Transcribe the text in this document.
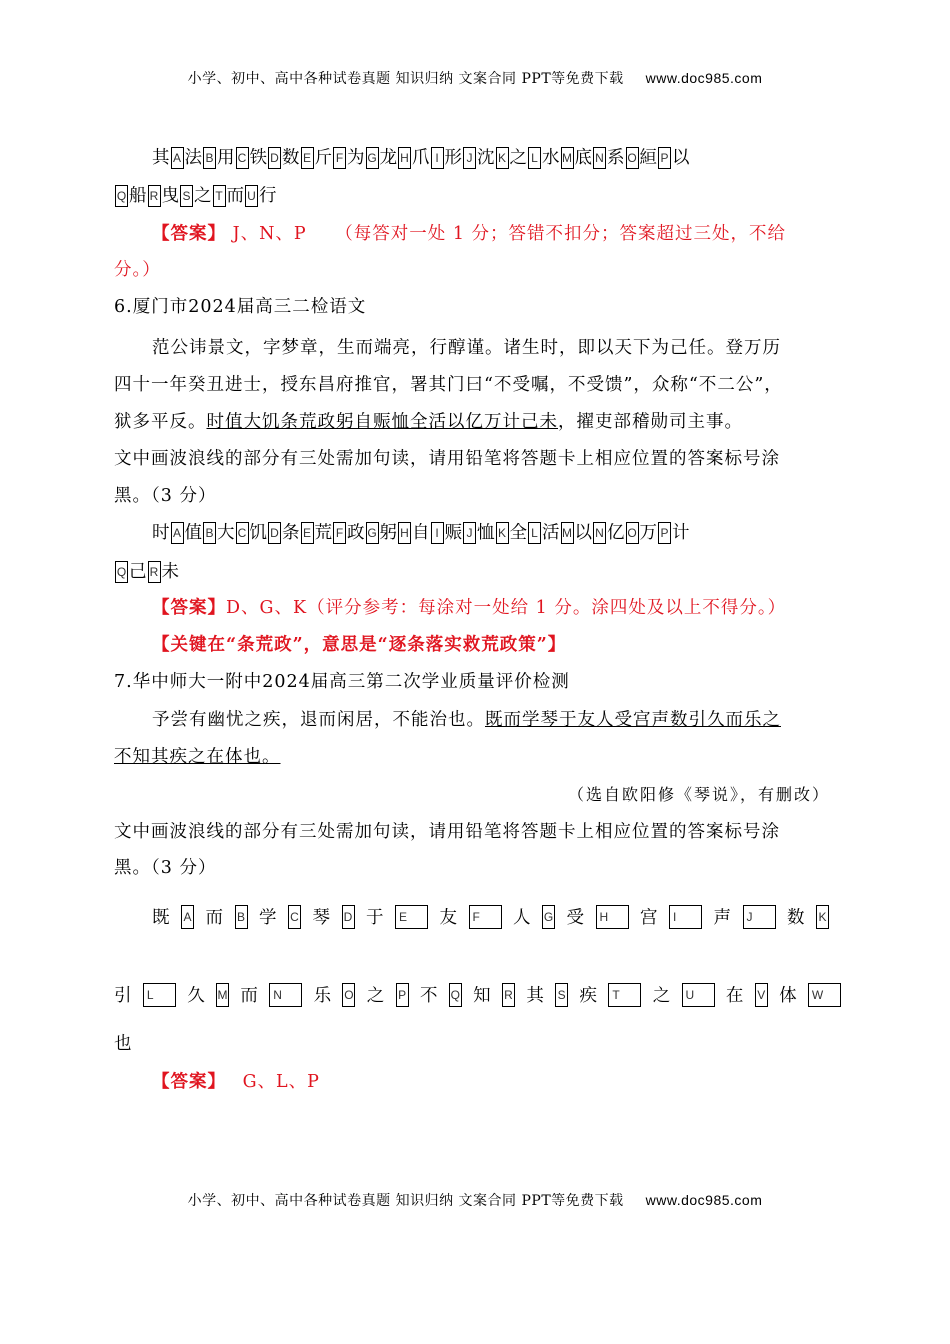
小学、初中、高中各种试卷真题 知识归纳 文案合同 PPT等免费下载 www.doc985.com
其 A 法 B 用 C 铁 D 数 E 斤 F 为 G 龙 H 爪 I 形 J 沈 K 之 L 水 M 底 N 系 O 絙 P 以
Q 船 R 曳 S 之 T 而 U 行
【答案】 J、N、P （每答对一处 1 分；答错不扣分；答案超过三处，不给
分。）
6.厦门市2024届高三二检语文
范公讳景文，字梦章，生而端亮，行醇谨。诸生时，即以天下为己任。登万历
四十一年癸丑进士，授东昌府推官，署其门曰“不受嘱，不受馈”，众称“不二公”，
狱多平反。时值大饥条荒政躬自赈恤全活以亿万计己未，擢吏部稽勋司主事。
文中画波浪线的部分有三处需加句读，请用铅笔将答题卡上相应位置的答案标号涂
黑。（3 分）
时 A 值 B 大 C 饥 D 条 E 荒 F 政 G 躬 H 自 I 赈 J 恤 K 全 L 活 M 以 N 亿 O 万 P 计
Q 己 R 未
【答案】D、G、K（评分参考：每涂对一处给 1 分。涂四处及以上不得分。）
【关键在“条荒政”，意思是“逐条落实救荒政策”】
7.华中师大一附中2024届高三第二次学业质量评价检测
予尝有幽忧之疾，退而闲居，不能治也。既而学琴于友人受宫声数引久而乐之
不知其疾之在体也。
（选自欧阳修《琴说》，有删改）
文中画波浪线的部分有三处需加句读，请用铅笔将答题卡上相应位置的答案标号涂
黑。（3 分）
既 A 而 B 学 C 琴 D 于	E	友	F	人 G 受	H	宫	I	声	J	数 K
引	L	久 M 而	N	乐 O 之 P 不 Q 知 R 其 S 疾	T	之	U	在 V 体	W
也
【答案】 G、L、P
小学、初中、高中各种试卷真题 知识归纳 文案合同 PPT等免费下载 www.doc985.com
